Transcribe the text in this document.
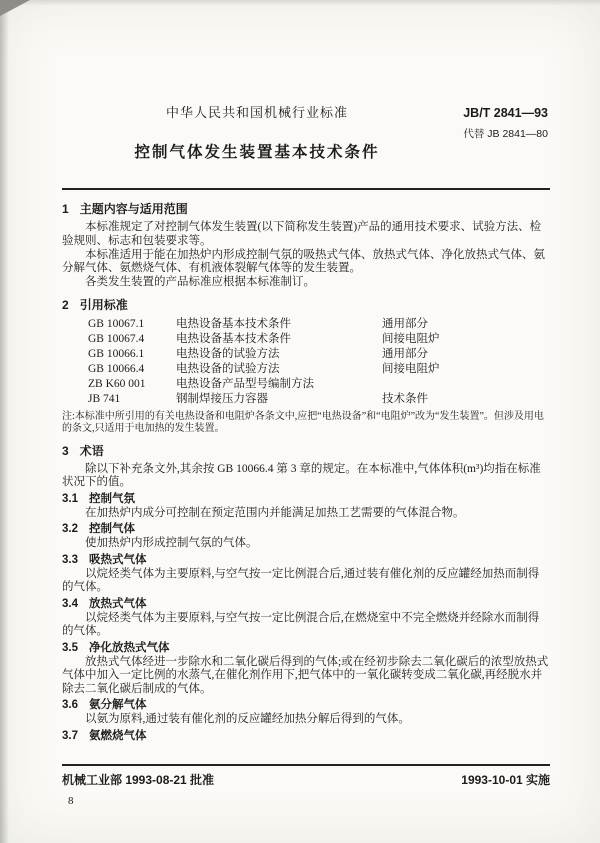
中华人民共和国机械行业标准	JB/T 2841—93
代替 JB 2841—80
控制气体发生装置基本技术条件
1 主题内容与适用范围

本标准规定了对控制气体发生装置(以下简称发生装置)产品的通用技术要求、试验方法、检验规则、标志和包装要求等。

本标准适用于能在加热炉内形成控制气氛的吸热式气体、放热式气体、净化放热式气体、氨分解气体、氨燃烧气体、有机液体裂解气体等的发生装置。

各类发生装置的产品标准应根据本标准制订。

2 引用标准
GB 10067.1	电热设备基本技术条件	通用部分
GB 10067.4	电热设备基本技术条件	间接电阻炉
GB 10066.1	电热设备的试验方法	通用部分
GB 10066.4	电热设备的试验方法	间接电阻炉
ZB K60 001	电热设备产品型号编制方法
JB 741	钢制焊接压力容器	技术条件
注:本标准中所引用的有关电热设备和电阻炉各条文中,应把“电热设备”和“电阻炉”改为“发生装置”。但涉及用电的条文,只适用于电加热的发生装置。
3 术语

除以下补充条文外,其余按 GB 10066.4 第 3 章的规定。在本标准中,气体体积(m³)均指在标准状况下的值。

3.1 控制气氛

在加热炉内成分可控制在预定范围内并能满足加热工艺需要的气体混合物。

3.2 控制气体

使加热炉内形成控制气氛的气体。

3.3 吸热式气体

以烷烃类气体为主要原料,与空气按一定比例混合后,通过装有催化剂的反应罐经加热而制得的气体。

3.4 放热式气体

以烷烃类气体为主要原料,与空气按一定比例混合后,在燃烧室中不完全燃烧并经除水而制得的气体。

3.5 净化放热式气体

放热式气体经进一步除水和二氧化碳后得到的气体;或在经初步除去二氧化碳后的浓型放热式气体中加入一定比例的水蒸气,在催化剂作用下,把气体中的一氧化碳转变成二氧化碳,再经脱水并除去二氧化碳后制成的气体。

3.6 氨分解气体

以氨为原料,通过装有催化剂的反应罐经加热分解后得到的气体。

3.7 氨燃烧气体
机械工业部 1993-08-21 批准	1993-10-01 实施
8
